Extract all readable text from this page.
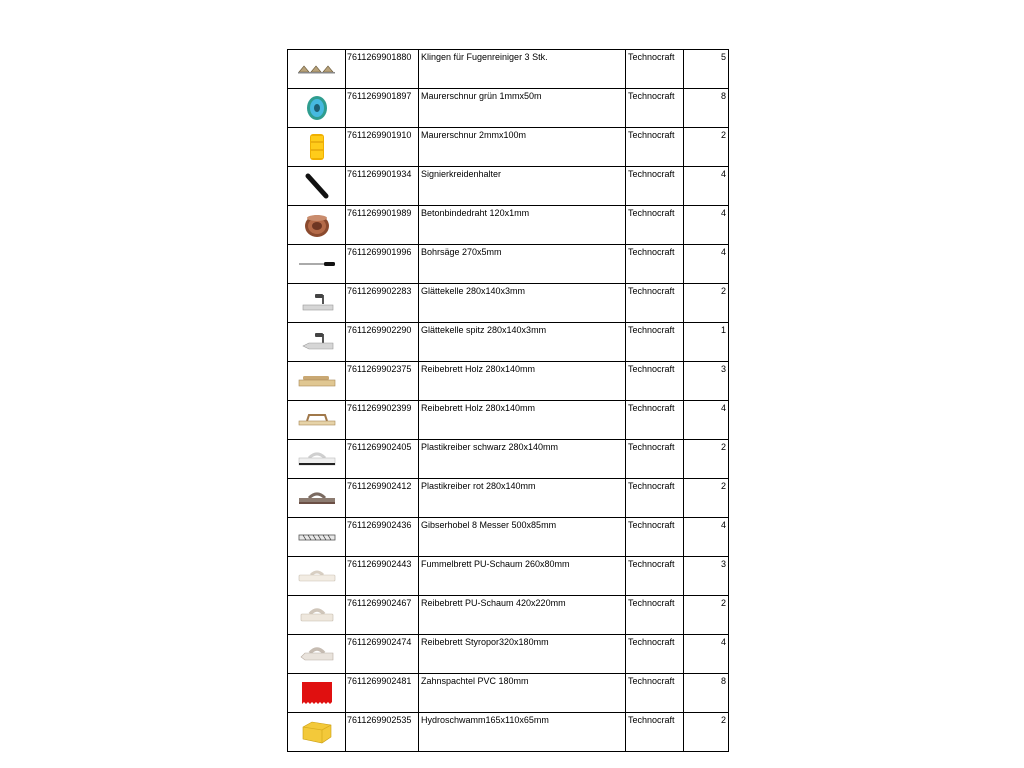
	7611269901880	Klingen für Fugenreiniger 3 Stk.	Technocraft	5

	7611269901897	Maurerschnur grün 1mmx50m	Technocraft	8

	7611269901910	Maurerschnur 2mmx100m	Technocraft	2

	7611269901934	Signierkreidenhalter	Technocraft	4

	7611269901989	Betonbindedraht 120x1mm	Technocraft	4

	7611269901996	Bohrsäge 270x5mm	Technocraft	4

	7611269902283	Glättekelle 280x140x3mm	Technocraft	2

	7611269902290	Glättekelle spitz 280x140x3mm	Technocraft	1

	7611269902375	Reibebrett Holz 280x140mm	Technocraft	3

	7611269902399	Reibebrett Holz 280x140mm	Technocraft	4

	7611269902405	Plastikreiber schwarz 280x140mm	Technocraft	2

	7611269902412	Plastikreiber rot 280x140mm	Technocraft	2

	7611269902436	Gibserhobel 8 Messer 500x85mm	Technocraft	4

	7611269902443	Fummelbrett PU-Schaum 260x80mm	Technocraft	3

	7611269902467	Reibebrett PU-Schaum 420x220mm	Technocraft	2

	7611269902474	Reibebrett Styropor320x180mm	Technocraft	4

	7611269902481	Zahnspachtel PVC 180mm	Technocraft	8

	7611269902535	Hydroschwamm165x110x65mm	Technocraft	2
